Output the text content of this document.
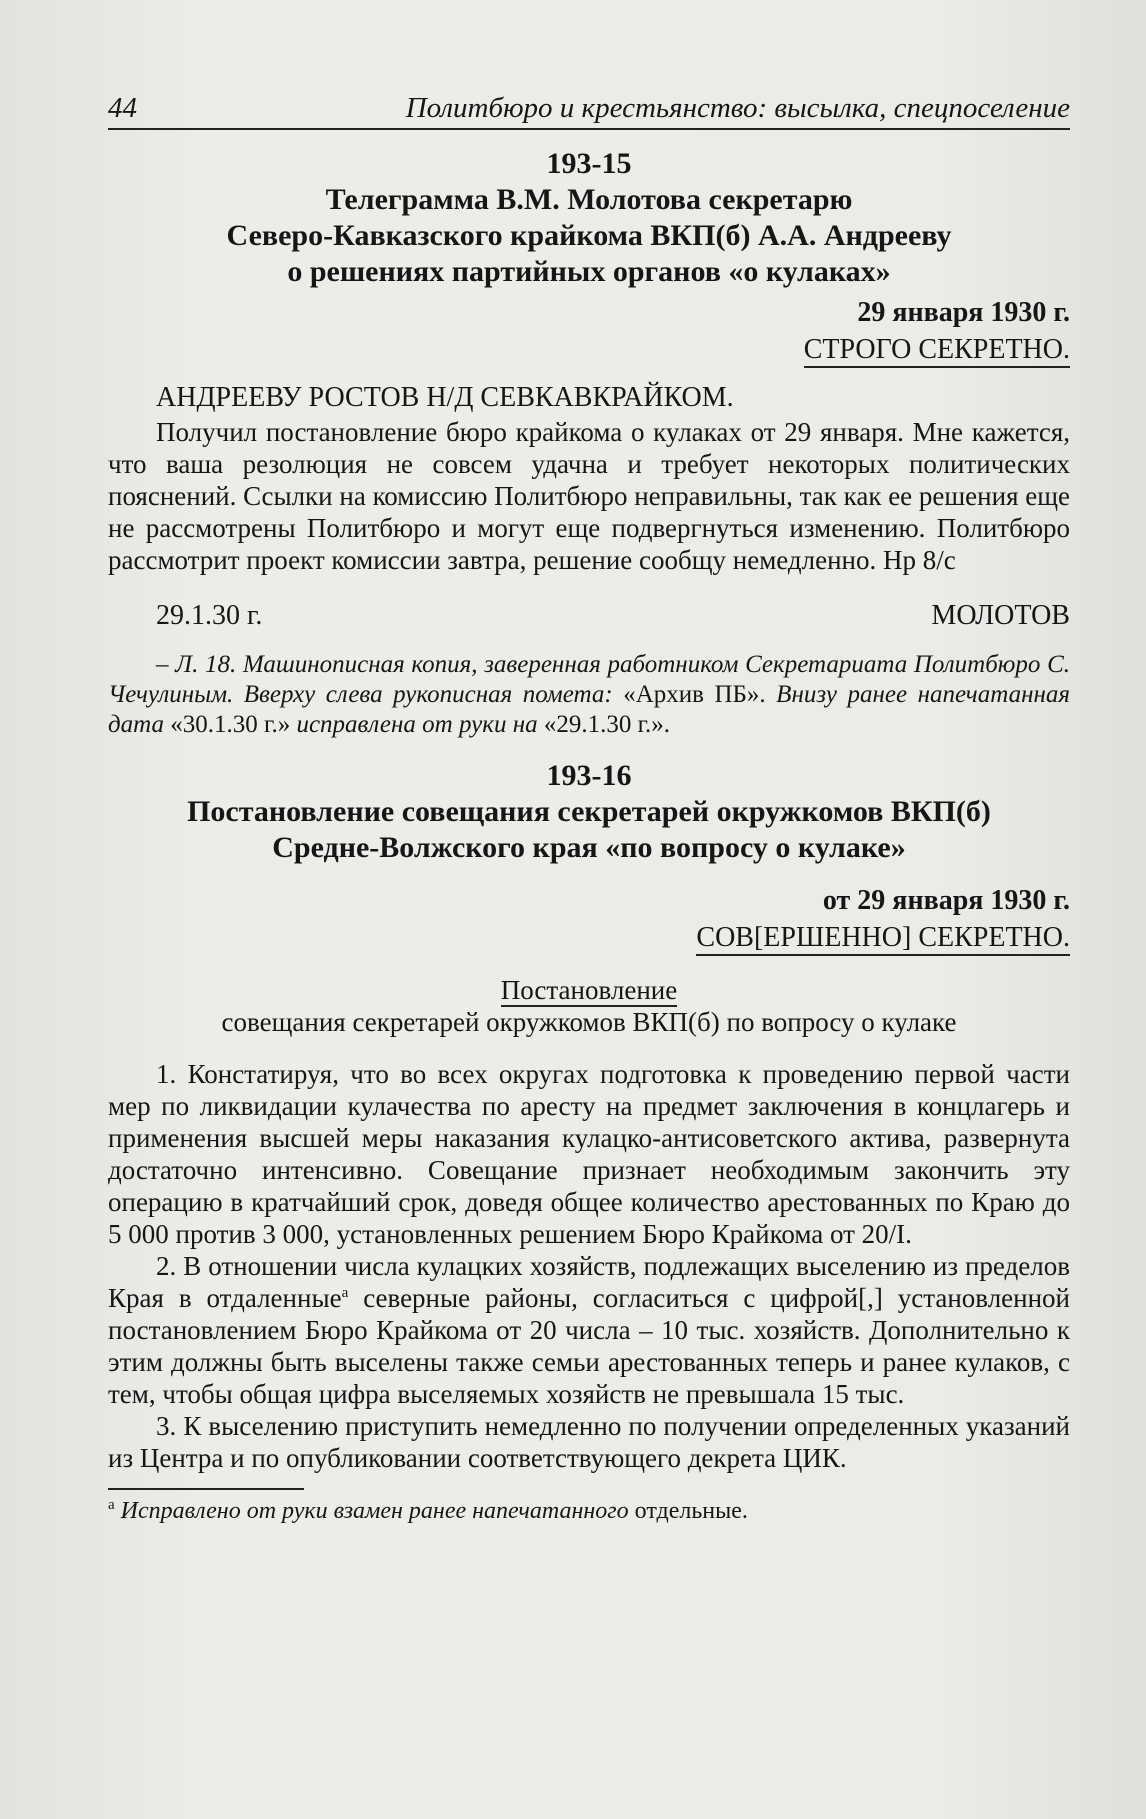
44	Политбюро и крестьянство: высылка, спецпоселение
193-15
Телеграмма В.М. Молотова секретарю
Северо-Кавказского крайкома ВКП(б) А.А. Андрееву
о решениях партийных органов «о кулаках»
29 января 1930 г.
СТРОГО СЕКРЕТНО.
АНДРЕЕВУ РОСТОВ Н/Д СЕВКАВКРАЙКОМ.

Получил постановление бюро крайкома о кулаках от 29 января. Мне кажется, что ваша резолюция не совсем удачна и требует некоторых политических пояснений. Ссылки на комиссию Политбюро неправильны, так как ее решения еще не рассмотрены Политбюро и могут еще подвергнуться изменению. Политбюро рассмотрит проект комиссии завтра, решение сообщу немедленно. Нр 8/с

29.1.30 г.	МОЛОТОВ

– Л. 18. Машинописная копия, заверенная работником Секретариата Политбюро С. Чечулиным. Вверху слева рукописная помета: «Архив ПБ». Внизу ранее напечатанная дата «30.1.30 г.» исправлена от руки на «29.1.30 г.».

193-16
Постановление совещания секретарей окружкомов ВКП(б)
Средне-Волжского края «по вопросу о кулаке»
от 29 января 1930 г.
СОВ[ЕРШЕННО] СЕКРЕТНО.
Постановление
совещания секретарей окружкомов ВКП(б) по вопросу о кулаке

1. Констатируя, что во всех округах подготовка к проведению первой части мер по ликвидации кулачества по аресту на предмет заключения в концлагерь и применения высшей меры наказания кулацко-антисоветского актива, развернута достаточно интенсивно. Совещание признает необходимым закончить эту операцию в кратчайший срок, доведя общее количество арестованных по Краю до 5 000 против 3 000, установленных решением Бюро Крайкома от 20/I.

2. В отношении числа кулацких хозяйств, подлежащих выселению из пределов Края в отдаленные$^а$ северные районы, согласиться с цифрой[,] установленной постановлением Бюро Крайкома от 20 числа – 10 тыс. хозяйств. Дополнительно к этим должны быть выселены также семьи арестованных теперь и ранее кулаков, с тем, чтобы общая цифра выселяемых хозяйств не превышала 15 тыс.

3. К выселению приступить немедленно по получении определенных указаний из Центра и по опубликовании соответствующего декрета ЦИК.

$^а$ Исправлено от руки взамен ранее напечатанного отдельные.
